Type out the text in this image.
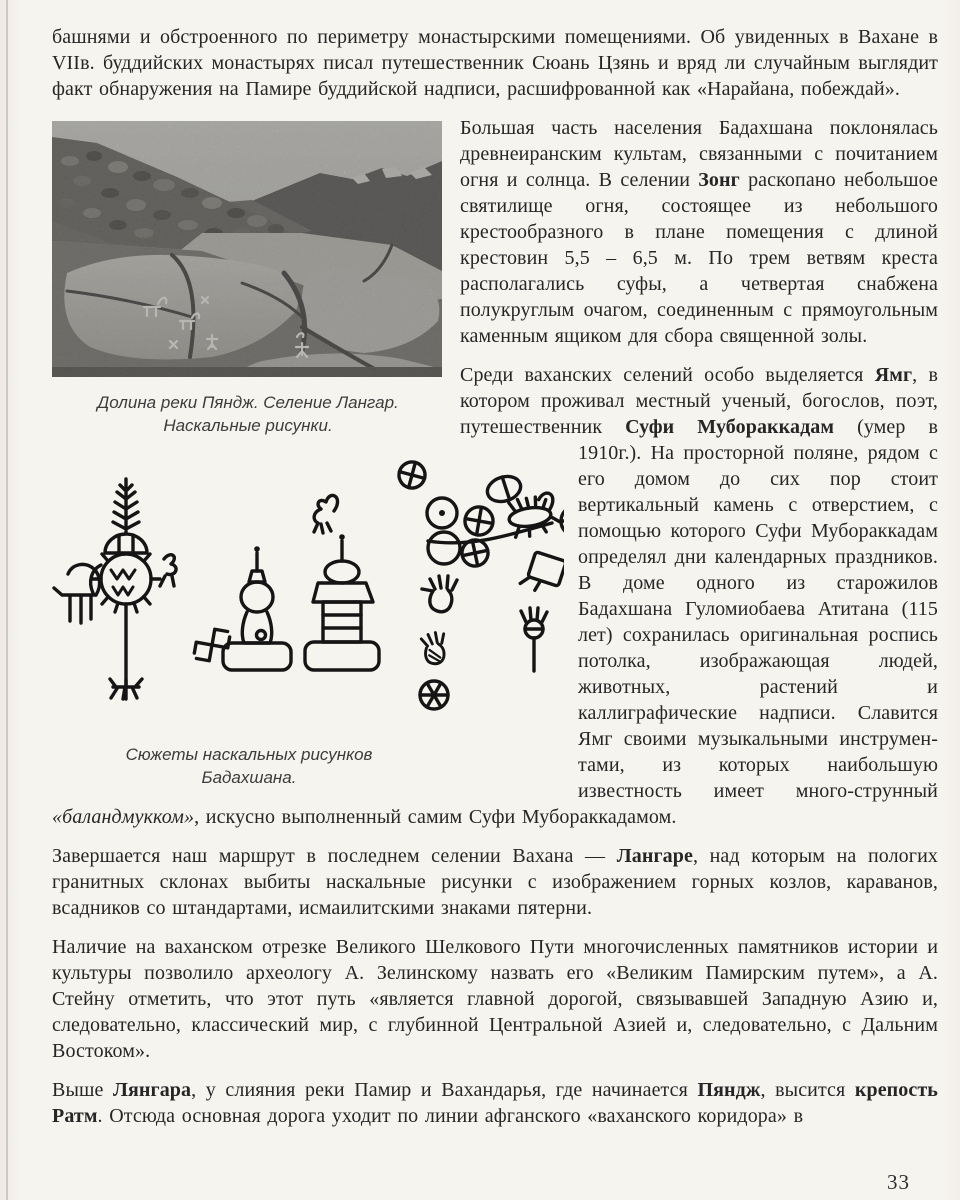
башнями и обстроенного по периметру монастырскими помещениями. Об увиденных в Вахане в VIIв. буддийских монастырях писал путешественник Сюань Цзянь и вряд ли случайным выглядит факт обнаружения на Памире буддийской надписи, расшифрованной как «Нарайана, побеждай».

Долина реки Пяндж. Селение Лангар.
Наскальные рисунки.

Большая часть населения Бадахшана поклонялась древнеиранским культам, связанными с почитанием огня и солнца. В селении Зонг раскопано небольшое святилище огня, состоящее из небольшого крестообразного в плане помещения с длиной крестовин 5,5 – 6,5 м. По трем ветвям креста располагались суфы, а четвертая снабжена полукруглым очагом, соединенным с прямоугольным каменным ящиком для сбора священной золы.

Сюжеты наскальных рисунков
Бадахшана.

Среди ваханских селений особо выделяется Ямг, в котором проживал местный ученый, богослов, поэт, путешественник Суфи Мубораккадам (умер в 1910г.). На просторной поляне, рядом с его домом до сих пор стоит вертикальный камень с отверстием, с помощью которого Суфи Мубораккадам определял дни календарных праздников. В доме одного из старожилов Бадахшана Гуломиобаева Атитана (115 лет) сохранилась оригинальная роспись потолка, изображающая людей, животных, растений и каллиграфические надписи. Славится Ямг своими музыкальными инструмен-тами, из которых наибольшую известность имеет много-струнный «баландмукком», искусно выполненный самим Суфи Мубораккадамом.

Завершается наш маршрут в последнем селении Вахана — Лангаре, над которым на пологих гранитных склонах выбиты наскальные рисунки с изображением горных козлов, караванов, всадников со штандартами, исмаилитскими знаками пятерни.

Наличие на ваханском отрезке Великого Шелкового Пути многочисленных памятников истории и культуры позволило археологу А. Зелинскому назвать его «Великим Памирским путем», а А. Стейну отметить, что этот путь «является главной дорогой, связывавшей Западную Азию и, следовательно, классический мир, с глубинной Центральной Азией и, следовательно, с Дальним Востоком».

Выше Лянгара, у слияния реки Памир и Вахандарья, где начинается Пяндж, высится крепость Ратм. Отсюда основная дорога уходит по линии афганского «ваханского коридора» в

33
